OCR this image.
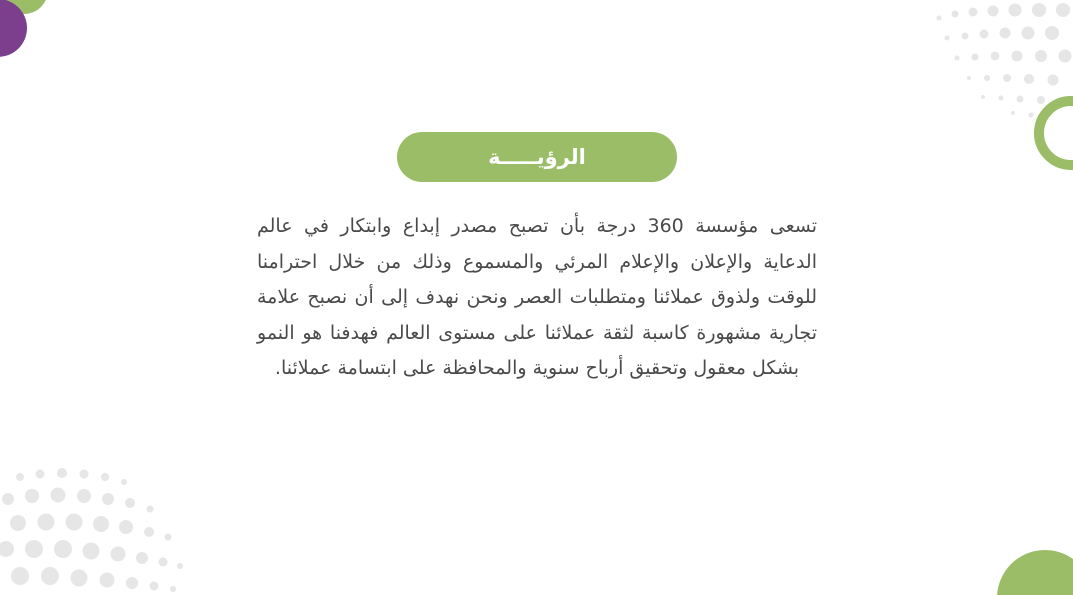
الرؤيـــــة

تسعى مؤسسة 360 درجة بأن تصبح مصدر إبداع وابتكار في عالم الدعاية والإعلان والإعلام المرئي والمسموع وذلك من خلال احترامنا للوقت ولذوق عملائنا ومتطلبات العصر ونحن نهدف إلى أن نصبح علامة تجارية مشهورة كاسبة لثقة عملائنا على مستوى العالم فهدفنا هو النمو بشكل معقول وتحقيق أرباح سنوية والمحافظة على ابتسامة عملائنا.
